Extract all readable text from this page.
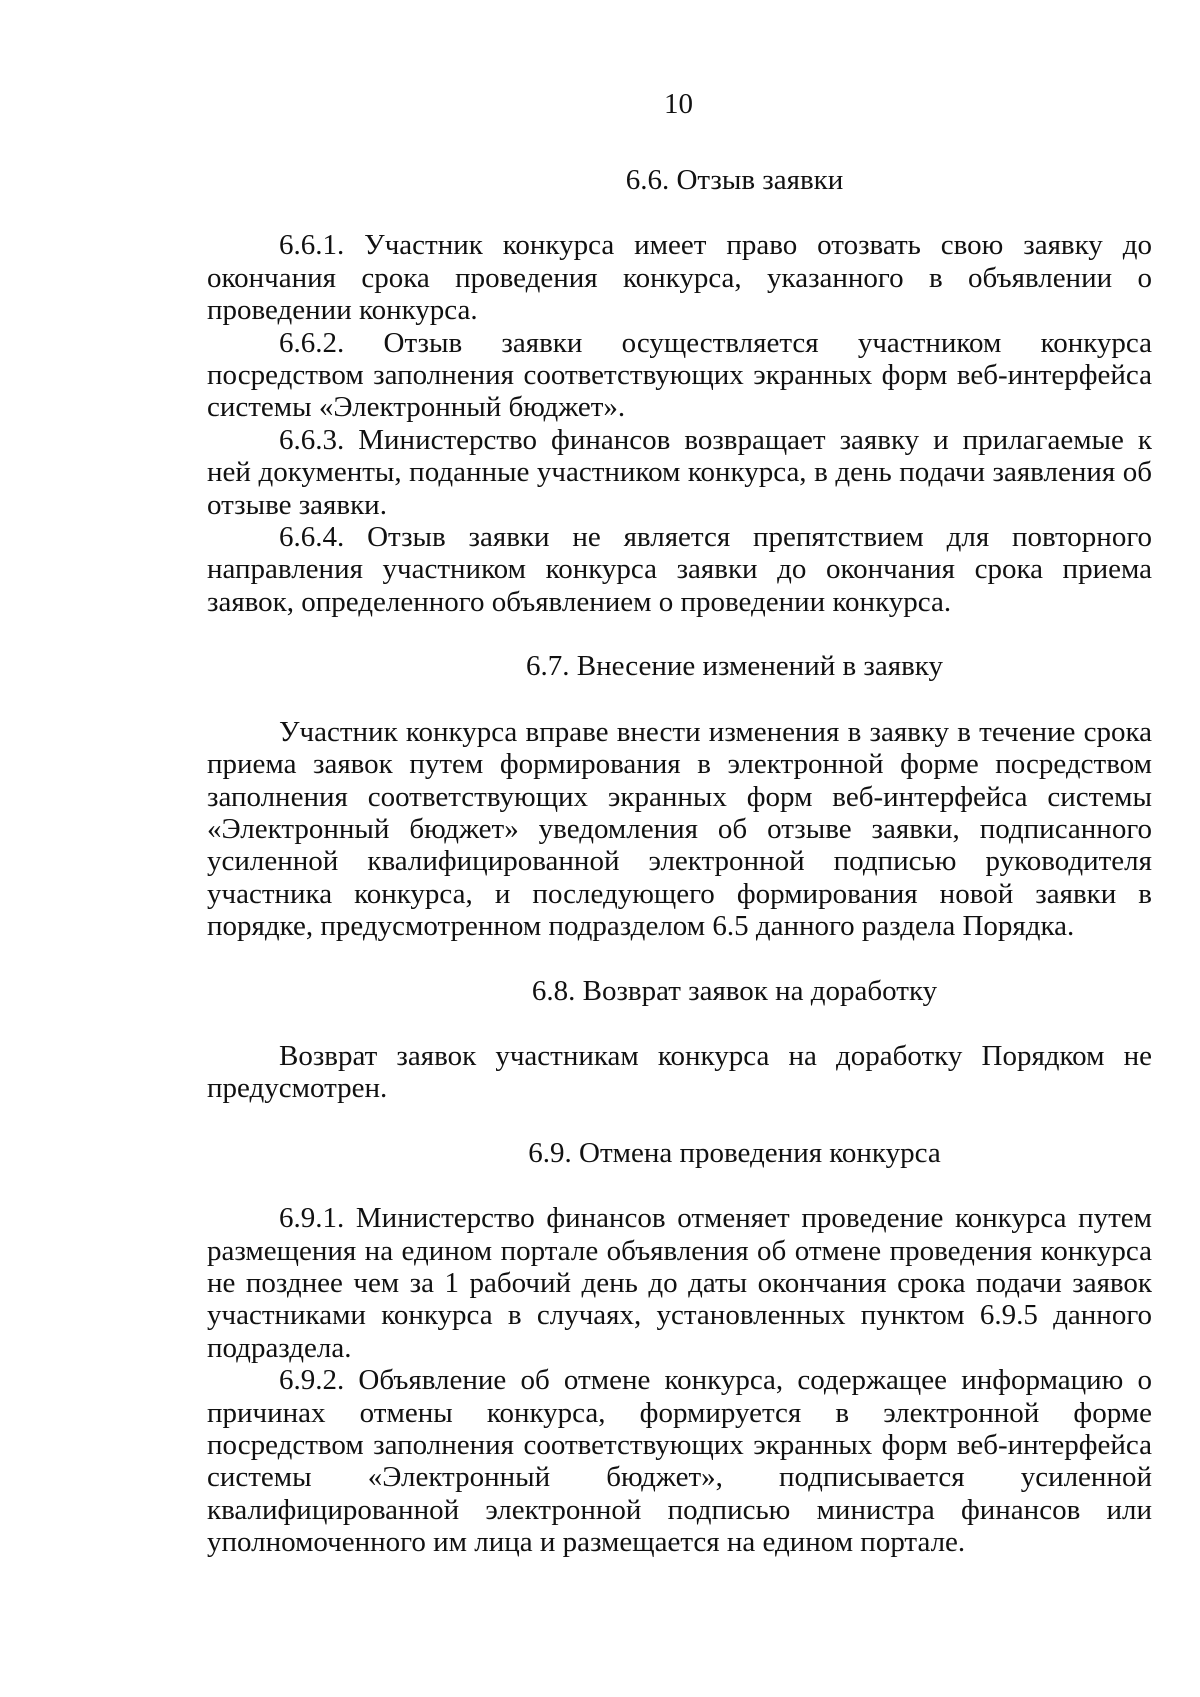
10
6.6. Отзыв заявки

6.6.1. Участник конкурса имеет право отозвать свою заявку до окончания срока проведения конкурса, указанного в объявлении о проведении конкурса.

6.6.2. Отзыв заявки осуществляется участником конкурса посредством заполнения соответствующих экранных форм веб-интерфейса системы «Электронный бюджет».

6.6.3. Министерство финансов возвращает заявку и прилагаемые к ней документы, поданные участником конкурса, в день подачи заявления об отзыве заявки.

6.6.4. Отзыв заявки не является препятствием для повторного направления участником конкурса заявки до окончания срока приема заявок, определенного объявлением о проведении конкурса.

6.7. Внесение изменений в заявку

Участник конкурса вправе внести изменения в заявку в течение срока приема заявок путем формирования в электронной форме посредством заполнения соответствующих экранных форм веб-интерфейса системы «Электронный бюджет» уведомления об отзыве заявки, подписанного усиленной квалифицированной электронной подписью руководителя участника конкурса, и последующего формирования новой заявки в порядке, предусмотренном подразделом 6.5 данного раздела Порядка.

6.8. Возврат заявок на доработку

Возврат заявок участникам конкурса на доработку Порядком не предусмотрен.

6.9. Отмена проведения конкурса

6.9.1. Министерство финансов отменяет проведение конкурса путем размещения на едином портале объявления об отмене проведения конкурса не позднее чем за 1 рабочий день до даты окончания срока подачи заявок участниками конкурса в случаях, установленных пунктом 6.9.5 данного подраздела.

6.9.2. Объявление об отмене конкурса, содержащее информацию о причинах отмены конкурса, формируется в электронной форме посредством заполнения соответствующих экранных форм веб-интерфейса системы «Электронный бюджет», подписывается усиленной квалифицированной электронной подписью министра финансов или уполномоченного им лица и размещается на едином портале.
